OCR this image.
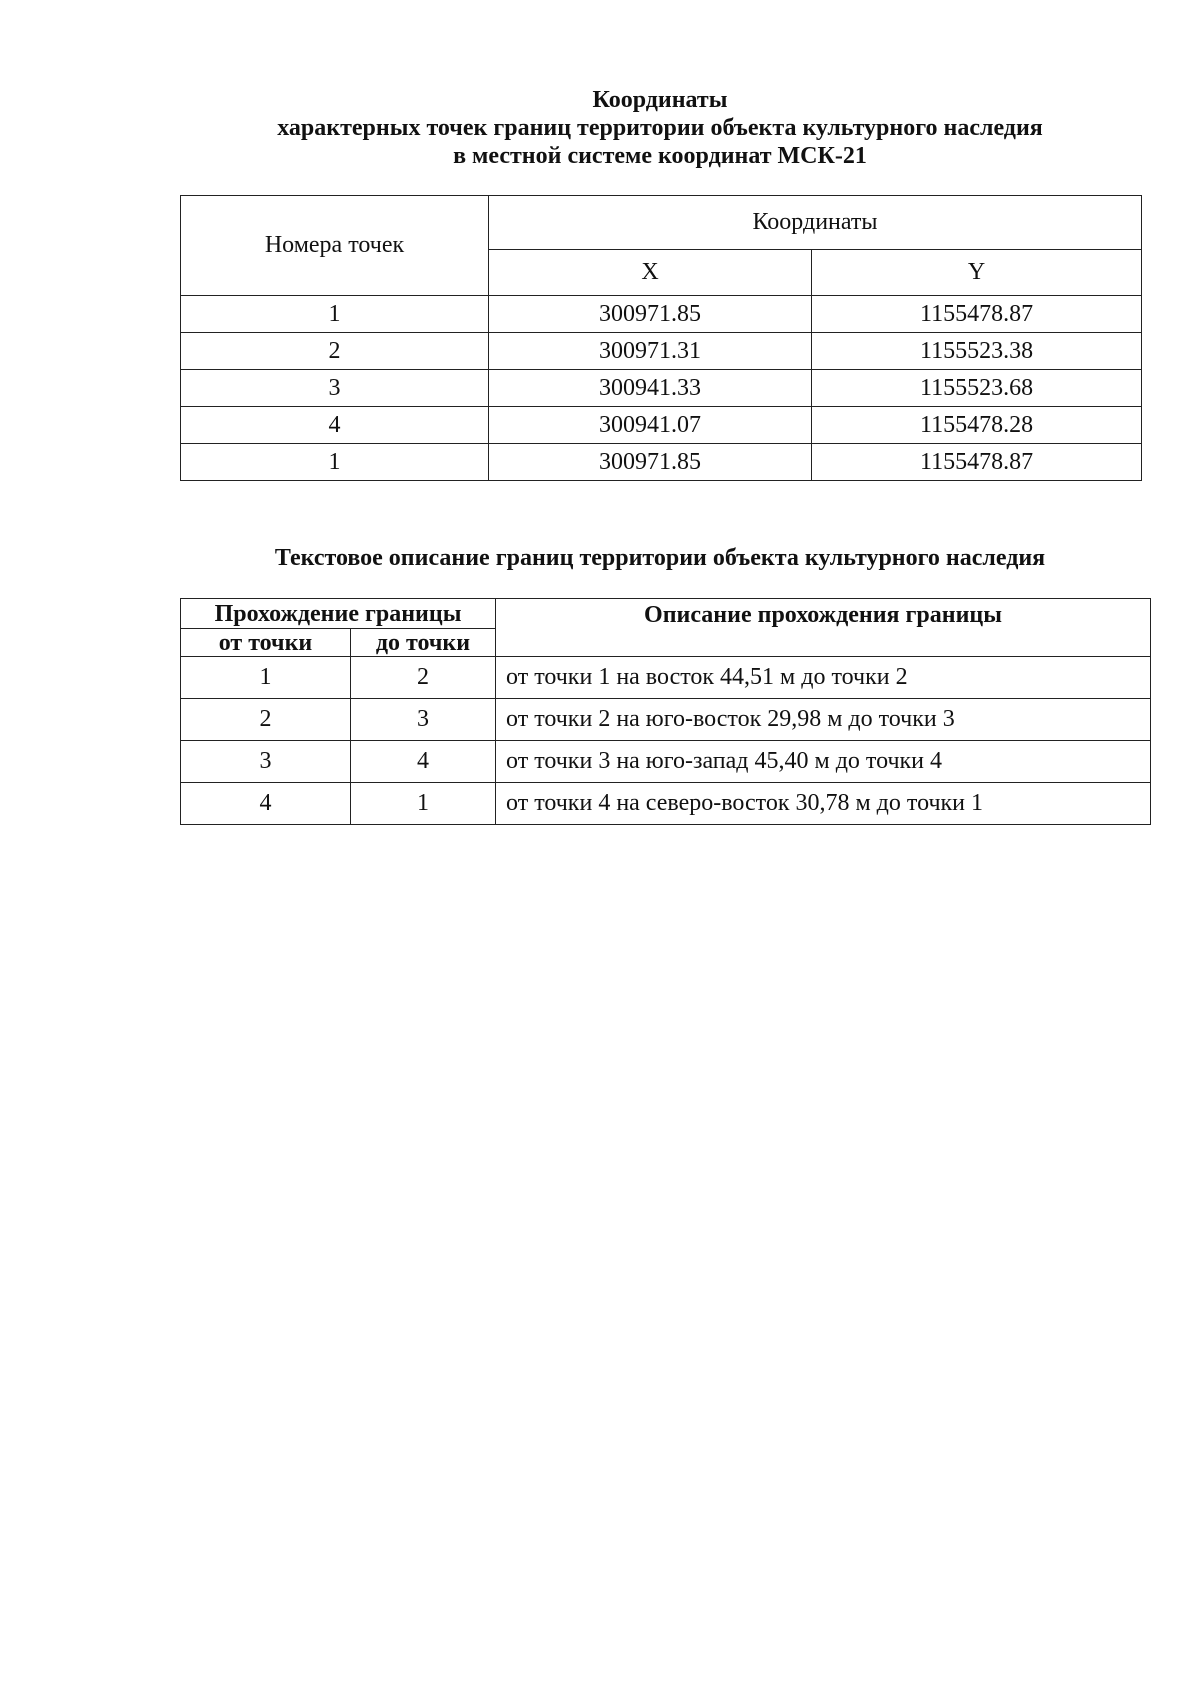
Координаты
характерных точек границ территории объекта культурного наследия
в местной системе координат МСК-21
Номера точек	Координаты	
	X	Y
1	300971.85	1155478.87
2	300971.31	1155523.38
3	300941.33	1155523.68
4	300941.07	1155478.28
1	300971.85	1155478.87
Текстовое описание границ территории объекта культурного наследия
Прохождение границы		Описание прохождения границы
от точки	до точки	
1	2	от точки 1 на восток 44,51 м до точки 2
2	3	от точки 2 на юго-восток 29,98 м до точки 3
3	4	от точки 3 на юго-запад 45,40 м до точки 4
4	1	от точки 4 на северо-восток 30,78 м до точки 1
